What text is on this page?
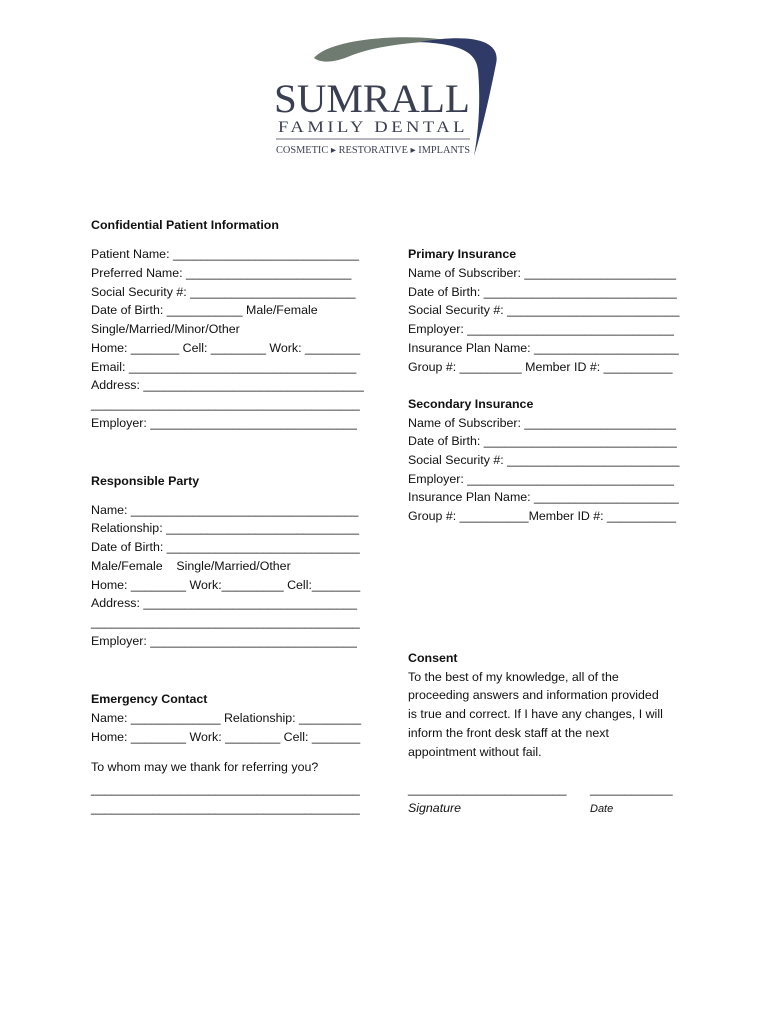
SUMRALL
FAMILY DENTAL
COSMETIC ▸ RESTORATIVE ▸ IMPLANTS
Confidential Patient Information
Patient Name: ___________________________
Preferred Name: ________________________
Social Security #: ________________________
Date of Birth: ___________ Male/Female
Single/Married/Minor/Other
Home: _______ Cell: ________ Work: ________
Email: _________________________________
Address: ________________________________
_______________________________________
Employer: ______________________________
Responsible Party
Name: _________________________________
Relationship: ____________________________
Date of Birth: ____________________________
Male/Female    Single/Married/Other
Home: ________ Work:_________ Cell:_______
Address: _______________________________
_______________________________________
Employer: ______________________________
Emergency Contact
Name: _____________ Relationship: _________
Home: ________ Work: ________ Cell: _______
To whom may we thank for referring you?
_______________________________________
_______________________________________
Primary Insurance
Name of Subscriber: ______________________
Date of Birth: ____________________________
Social Security #: _________________________
Employer: ______________________________
Insurance Plan Name: _____________________
Group #: _________ Member ID #: __________
Secondary Insurance
Name of Subscriber: ______________________
Date of Birth: ____________________________
Social Security #: _________________________
Employer: ______________________________
Insurance Plan Name: _____________________
Group #: __________Member ID #: __________
Consent
To the best of my knowledge, all of the
proceeding answers and information provided
is true and correct. If I have any changes, I will
inform the front desk staff at the next
appointment without fail.
_______________________ ____________
Signature	Date
